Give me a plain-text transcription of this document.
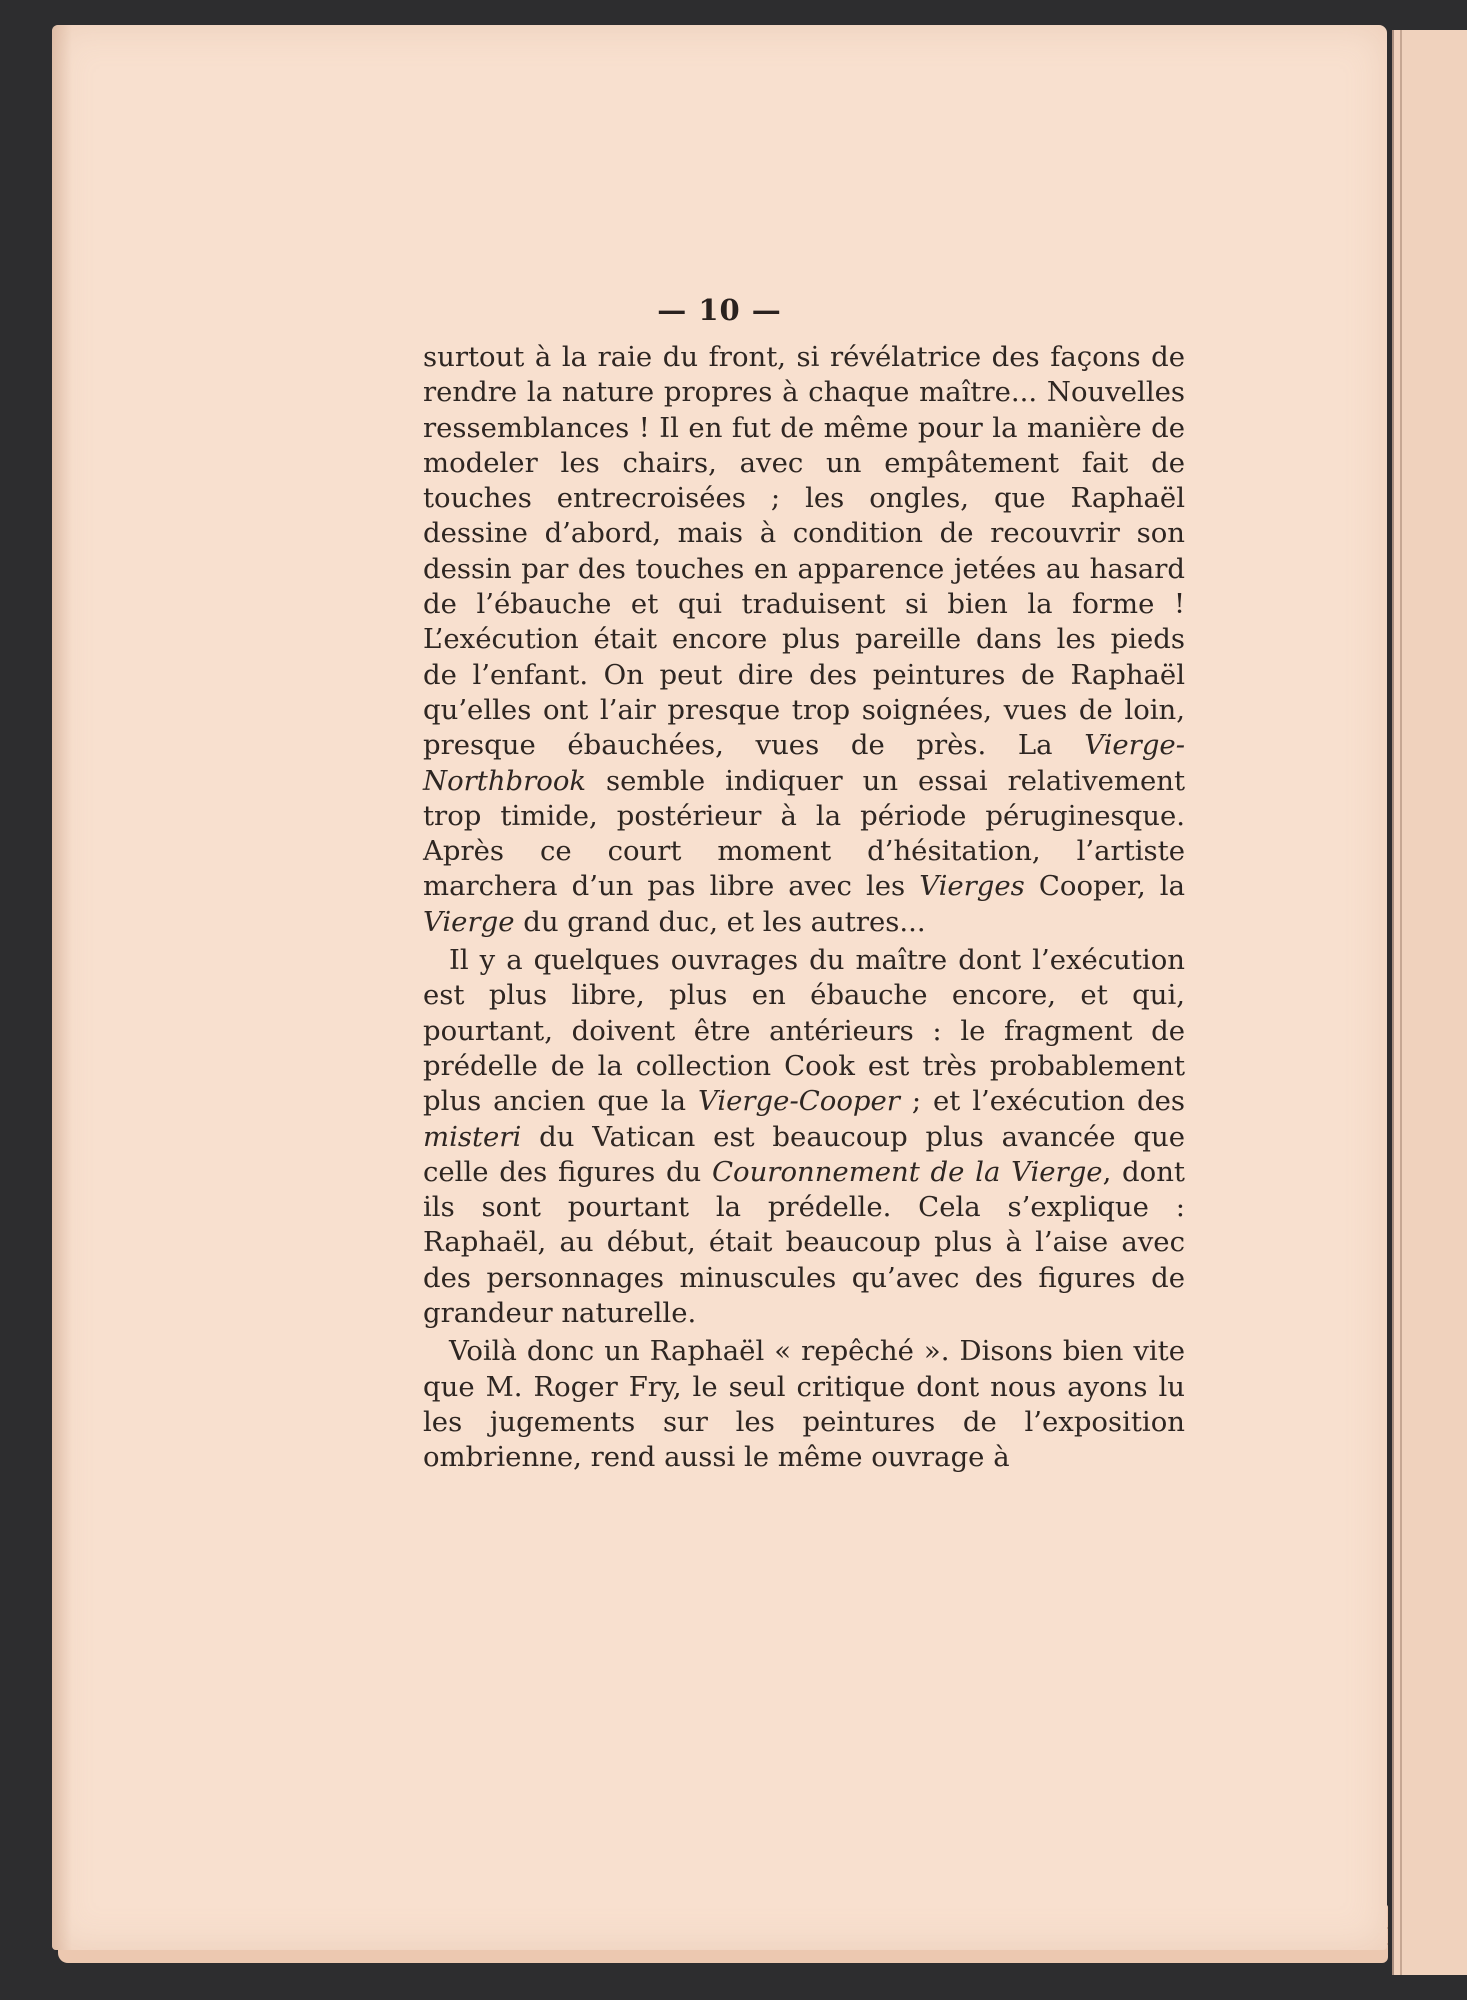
— 10 —

surtout à la raie du front, si révélatrice des façons de rendre la nature propres à chaque maître... Nouvelles ressemblances ! Il en fut de même pour la manière de modeler les chairs, avec un empâtement fait de touches entrecroisées ; les ongles, que Raphaël dessine d’abord, mais à condition de recouvrir son dessin par des touches en apparence jetées au hasard de l’ébauche et qui traduisent si bien la forme ! L’exécution était encore plus pareille dans les pieds de l’enfant. On peut dire des peintures de Raphaël qu’elles ont l’air presque trop soignées, vues de loin, presque ébauchées, vues de près. La Vierge-Northbrook semble indiquer un essai relativement trop timide, postérieur à la période péruginesque. Après ce court moment d’hésitation, l’artiste marchera d’un pas libre avec les Vierges Cooper, la Vierge du grand duc, et les autres...

Il y a quelques ouvrages du maître dont l’exécution est plus libre, plus en ébauche encore, et qui, pourtant, doivent être antérieurs : le fragment de prédelle de la collection Cook est très probablement plus ancien que la Vierge-Cooper ; et l’exécution des misteri du Vatican est beaucoup plus avancée que celle des figures du Couronnement de la Vierge, dont ils sont pourtant la prédelle. Cela s’explique : Raphaël, au début, était beaucoup plus à l’aise avec des personnages minuscules qu’avec des figures de grandeur naturelle.

Voilà donc un Raphaël « repêché ». Disons bien vite que M. Roger Fry, le seul critique dont nous ayons lu les jugements sur les peintures de l’exposition ombrienne, rend aussi le même ouvrage à
